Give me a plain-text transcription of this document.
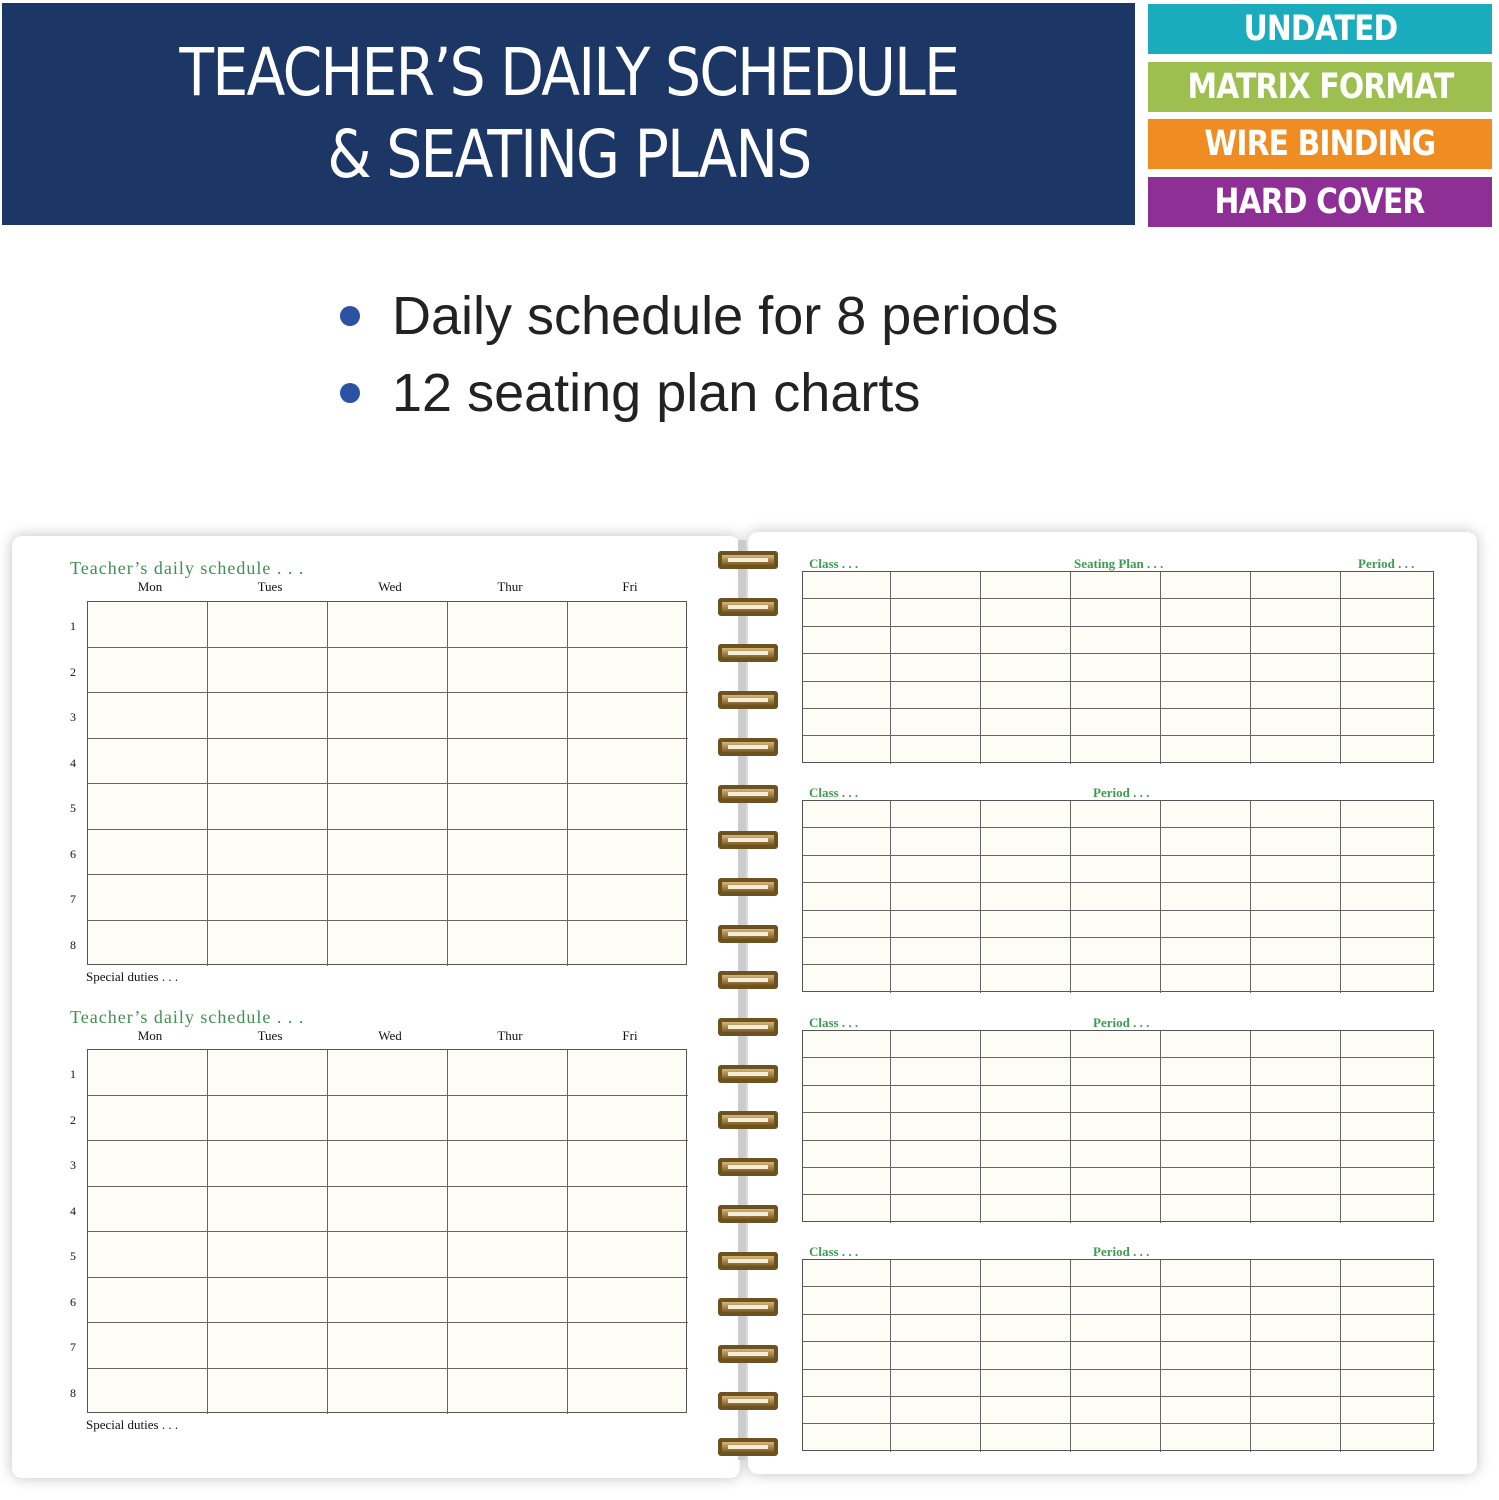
TEACHER’S DAILY SCHEDULE
& SEATING PLANS
UNDATED
MATRIX FORMAT
WIRE BINDING
HARD COVER
Daily schedule for 8 periods
12 seating plan charts
Teacher’s daily schedule . . .
Mon	Tues	Wed	Thur	Fri
1
2
3
4
5
6
7
8
Special duties . . .
Teacher’s daily schedule . . .
Mon	Tues	Wed	Thur	Fri
1
2
3
4
5
6
7
8
Special duties . . .
Class . . .	Seating Plan . . .	Period . . .
Class . . .	Period . . .
Class . . .	Period . . .
Class . . .	Period . . .
